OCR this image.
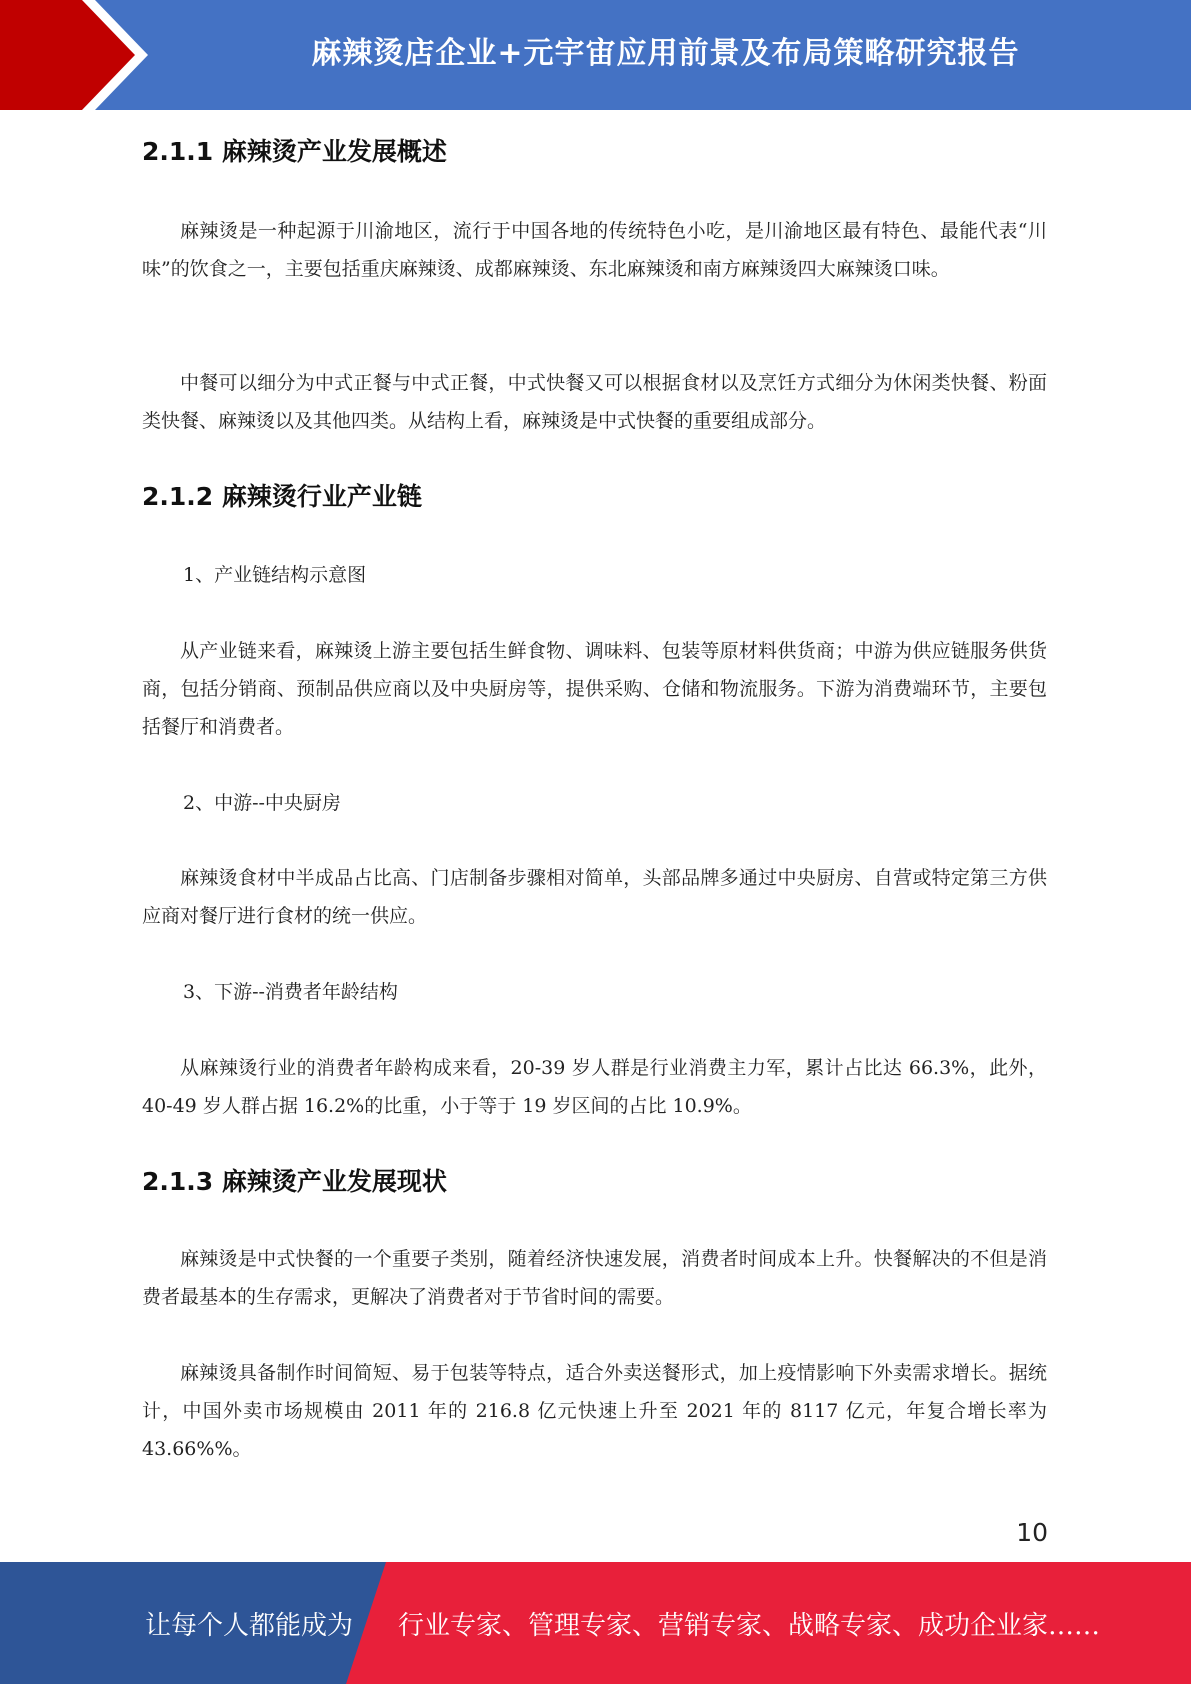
麻辣烫店企业+元宇宙应用前景及布局策略研究报告
2.1.1 麻辣烫产业发展概述
麻辣烫是一种起源于川渝地区，流行于中国各地的传统特色小吃，是川渝地区最有特色、最能代表“川味”的饮食之一，主要包括重庆麻辣烫、成都麻辣烫、东北麻辣烫和南方麻辣烫四大麻辣烫口味。
中餐可以细分为中式正餐与中式正餐，中式快餐又可以根据食材以及烹饪方式细分为休闲类快餐、粉面类快餐、麻辣烫以及其他四类。从结构上看，麻辣烫是中式快餐的重要组成部分。
2.1.2 麻辣烫行业产业链
1、产业链结构示意图
从产业链来看，麻辣烫上游主要包括生鲜食物、调味料、包装等原材料供货商；中游为供应链服务供货商，包括分销商、预制品供应商以及中央厨房等，提供采购、仓储和物流服务。下游为消费端环节，主要包括餐厅和消费者。
2、中游--中央厨房
麻辣烫食材中半成品占比高、门店制备步骤相对简单，头部品牌多通过中央厨房、自营或特定第三方供应商对餐厅进行食材的统一供应。
3、下游--消费者年龄结构
从麻辣烫行业的消费者年龄构成来看，20-39 岁人群是行业消费主力军，累计占比达 66.3%，此外，40-49 岁人群占据 16.2%的比重，小于等于 19 岁区间的占比 10.9%。
2.1.3 麻辣烫产业发展现状
麻辣烫是中式快餐的一个重要子类别，随着经济快速发展，消费者时间成本上升。快餐解决的不但是消费者最基本的生存需求，更解决了消费者对于节省时间的需要。
麻辣烫具备制作时间简短、易于包装等特点，适合外卖送餐形式，加上疫情影响下外卖需求增长。据统计，中国外卖市场规模由 2011 年的 216.8 亿元快速上升至 2021 年的 8117 亿元，年复合增长率为 43.66%%。
10
让每个人都能成为 行业专家、管理专家、营销专家、战略专家、成功企业家……
